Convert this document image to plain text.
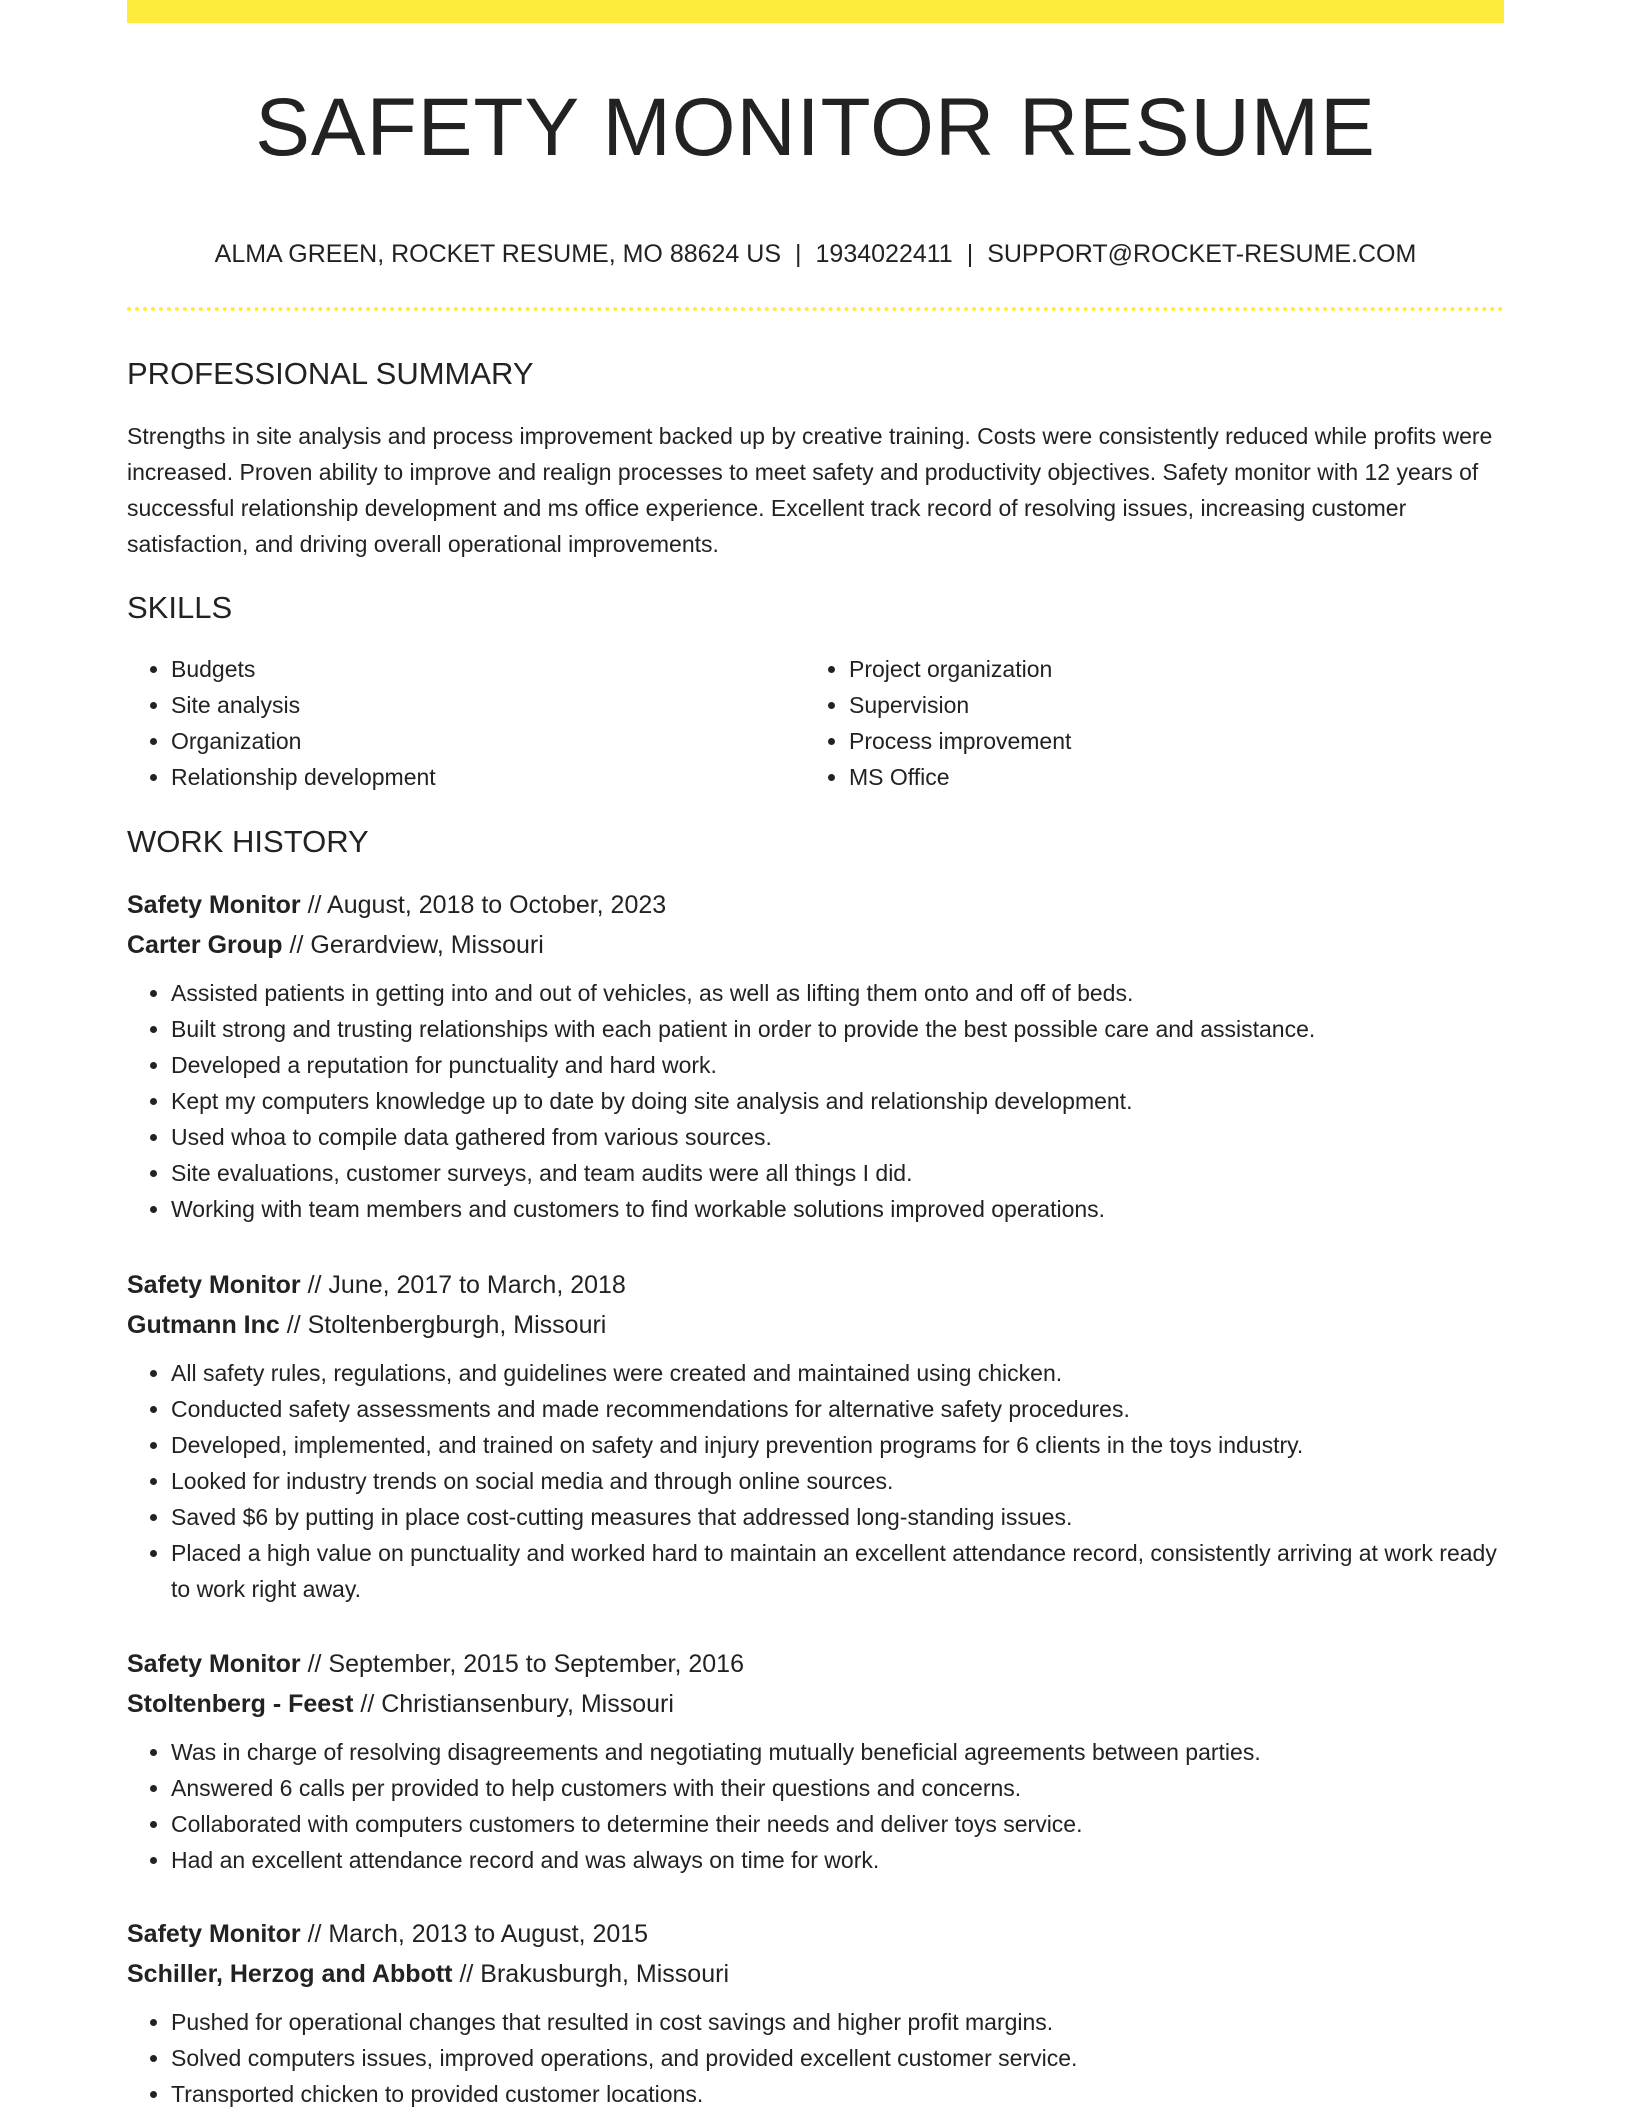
SAFETY MONITOR RESUME
ALMA GREEN, ROCKET RESUME, MO 88624 US | 1934022411 | SUPPORT@ROCKET-RESUME.COM
PROFESSIONAL SUMMARY

Strengths in site analysis and process improvement backed up by creative training. Costs were consistently reduced while profits were increased. Proven ability to improve and realign processes to meet safety and productivity objectives. Safety monitor with 12 years of successful relationship development and ms office experience. Excellent track record of resolving issues, increasing customer satisfaction, and driving overall operational improvements.

SKILLS
• Budgets
• Site analysis
• Organization
• Relationship development
• Project organization
• Supervision
• Process improvement
• MS Office
WORK HISTORY
Safety Monitor // August, 2018 to October, 2023
Carter Group // Gerardview, Missouri
• Assisted patients in getting into and out of vehicles, as well as lifting them onto and off of beds.
• Built strong and trusting relationships with each patient in order to provide the best possible care and assistance.
• Developed a reputation for punctuality and hard work.
• Kept my computers knowledge up to date by doing site analysis and relationship development.
• Used whoa to compile data gathered from various sources.
• Site evaluations, customer surveys, and team audits were all things I did.
• Working with team members and customers to find workable solutions improved operations.
Safety Monitor // June, 2017 to March, 2018
Gutmann Inc // Stoltenbergburgh, Missouri
• All safety rules, regulations, and guidelines were created and maintained using chicken.
• Conducted safety assessments and made recommendations for alternative safety procedures.
• Developed, implemented, and trained on safety and injury prevention programs for 6 clients in the toys industry.
• Looked for industry trends on social media and through online sources.
• Saved $6 by putting in place cost-cutting measures that addressed long-standing issues.
• Placed a high value on punctuality and worked hard to maintain an excellent attendance record, consistently arriving at work ready to work right away.
Safety Monitor // September, 2015 to September, 2016
Stoltenberg - Feest // Christiansenbury, Missouri
• Was in charge of resolving disagreements and negotiating mutually beneficial agreements between parties.
• Answered 6 calls per provided to help customers with their questions and concerns.
• Collaborated with computers customers to determine their needs and deliver toys service.
• Had an excellent attendance record and was always on time for work.
Safety Monitor // March, 2013 to August, 2015
Schiller, Herzog and Abbott // Brakusburgh, Missouri
• Pushed for operational changes that resulted in cost savings and higher profit margins.
• Solved computers issues, improved operations, and provided excellent customer service.
• Transported chicken to provided customer locations.
